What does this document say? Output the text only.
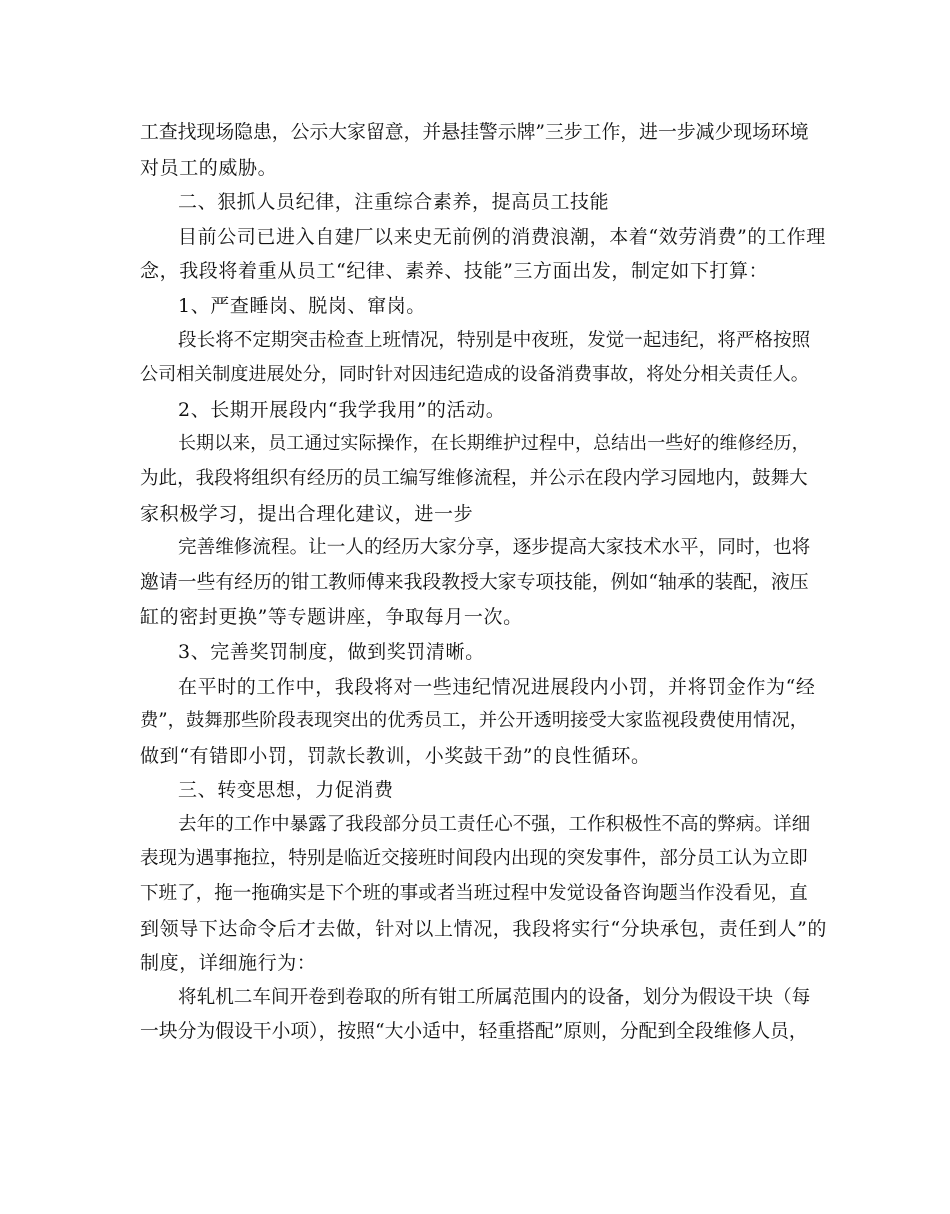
工查找现场隐患，公示大家留意，并悬挂警示牌”三步工作，进一步减少现场环境
对员工的威胁。
二、狠抓人员纪律，注重综合素养，提高员工技能
目前公司已进入自建厂以来史无前例的消费浪潮，本着“效劳消费”的工作理
念，我段将着重从员工“纪律、素养、技能”三方面出发，制定如下打算：
1、严查睡岗、脱岗、窜岗。
段长将不定期突击检查上班情况，特别是中夜班，发觉一起违纪，将严格按照
公司相关制度进展处分，同时针对因违纪造成的设备消费事故，将处分相关责任人。
2、长期开展段内“我学我用”的活动。
长期以来，员工通过实际操作，在长期维护过程中，总结出一些好的维修经历，
为此，我段将组织有经历的员工编写维修流程，并公示在段内学习园地内，鼓舞大
家积极学习，提出合理化建议，进一步
完善维修流程。让一人的经历大家分享，逐步提高大家技术水平，同时，也将
邀请一些有经历的钳工教师傅来我段教授大家专项技能，例如“轴承的装配，液压
缸的密封更换”等专题讲座，争取每月一次。
3、完善奖罚制度，做到奖罚清晰。
在平时的工作中，我段将对一些违纪情况进展段内小罚，并将罚金作为“经
费”，鼓舞那些阶段表现突出的优秀员工，并公开透明接受大家监视段费使用情况，
做到“有错即小罚，罚款长教训，小奖鼓干劲”的良性循环。
三、转变思想，力促消费
去年的工作中暴露了我段部分员工责任心不强，工作积极性不高的弊病。详细
表现为遇事拖拉，特别是临近交接班时间段内出现的突发事件，部分员工认为立即
下班了，拖一拖确实是下个班的事或者当班过程中发觉设备咨询题当作没看见，直
到领导下达命令后才去做，针对以上情况，我段将实行“分块承包，责任到人”的
制度，详细施行为：
将轧机二车间开卷到卷取的所有钳工所属范围内的设备，划分为假设干块（每
一块分为假设干小项），按照“大小适中，轻重搭配”原则，分配到全段维修人员，
